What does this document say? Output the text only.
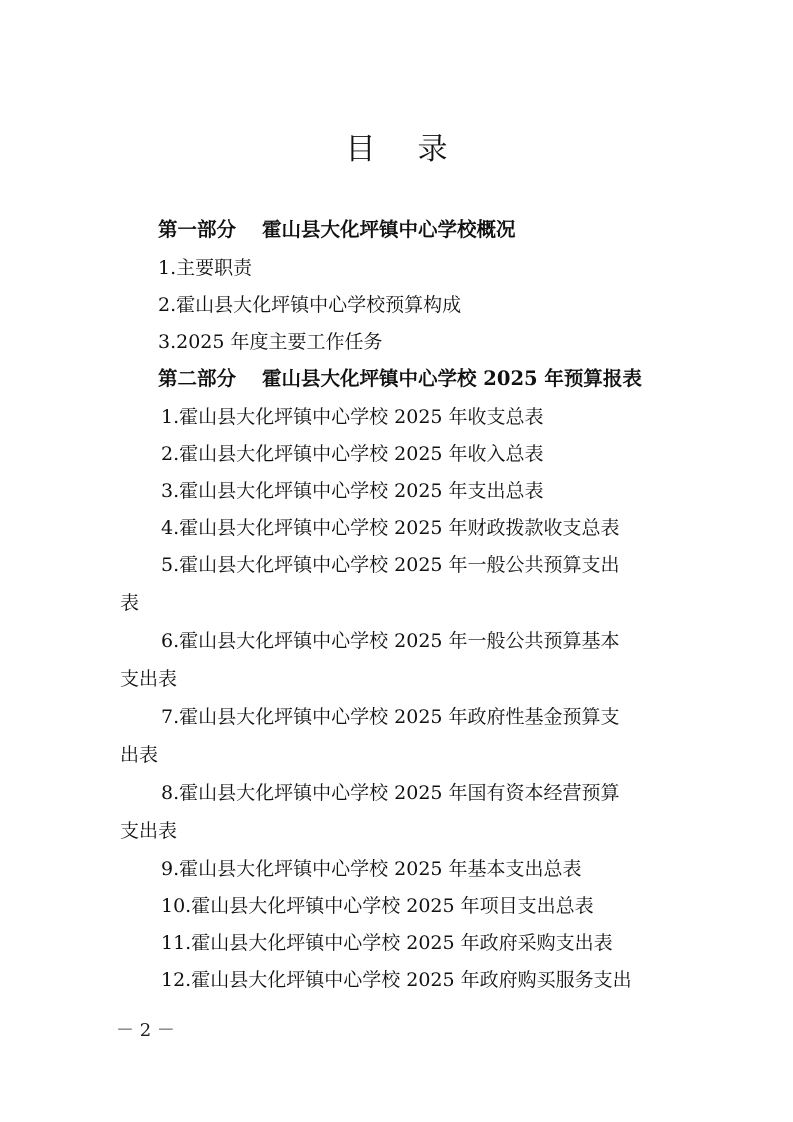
目 录
第一部分 霍山县大化坪镇中心学校概况
1.主要职责
2.霍山县大化坪镇中心学校预算构成
3.2025 年度主要工作任务
第二部分 霍山县大化坪镇中心学校 2025 年预算报表
1.霍山县大化坪镇中心学校 2025 年收支总表
2.霍山县大化坪镇中心学校 2025 年收入总表
3.霍山县大化坪镇中心学校 2025 年支出总表
4.霍山县大化坪镇中心学校 2025 年财政拨款收支总表
5.霍山县大化坪镇中心学校 2025 年一般公共预算支出
表
6.霍山县大化坪镇中心学校 2025 年一般公共预算基本
支出表
7.霍山县大化坪镇中心学校 2025 年政府性基金预算支
出表
8.霍山县大化坪镇中心学校 2025 年国有资本经营预算
支出表
9.霍山县大化坪镇中心学校 2025 年基本支出总表
10.霍山县大化坪镇中心学校 2025 年项目支出总表
11.霍山县大化坪镇中心学校 2025 年政府采购支出表
12.霍山县大化坪镇中心学校 2025 年政府购买服务支出
－ 2 －
